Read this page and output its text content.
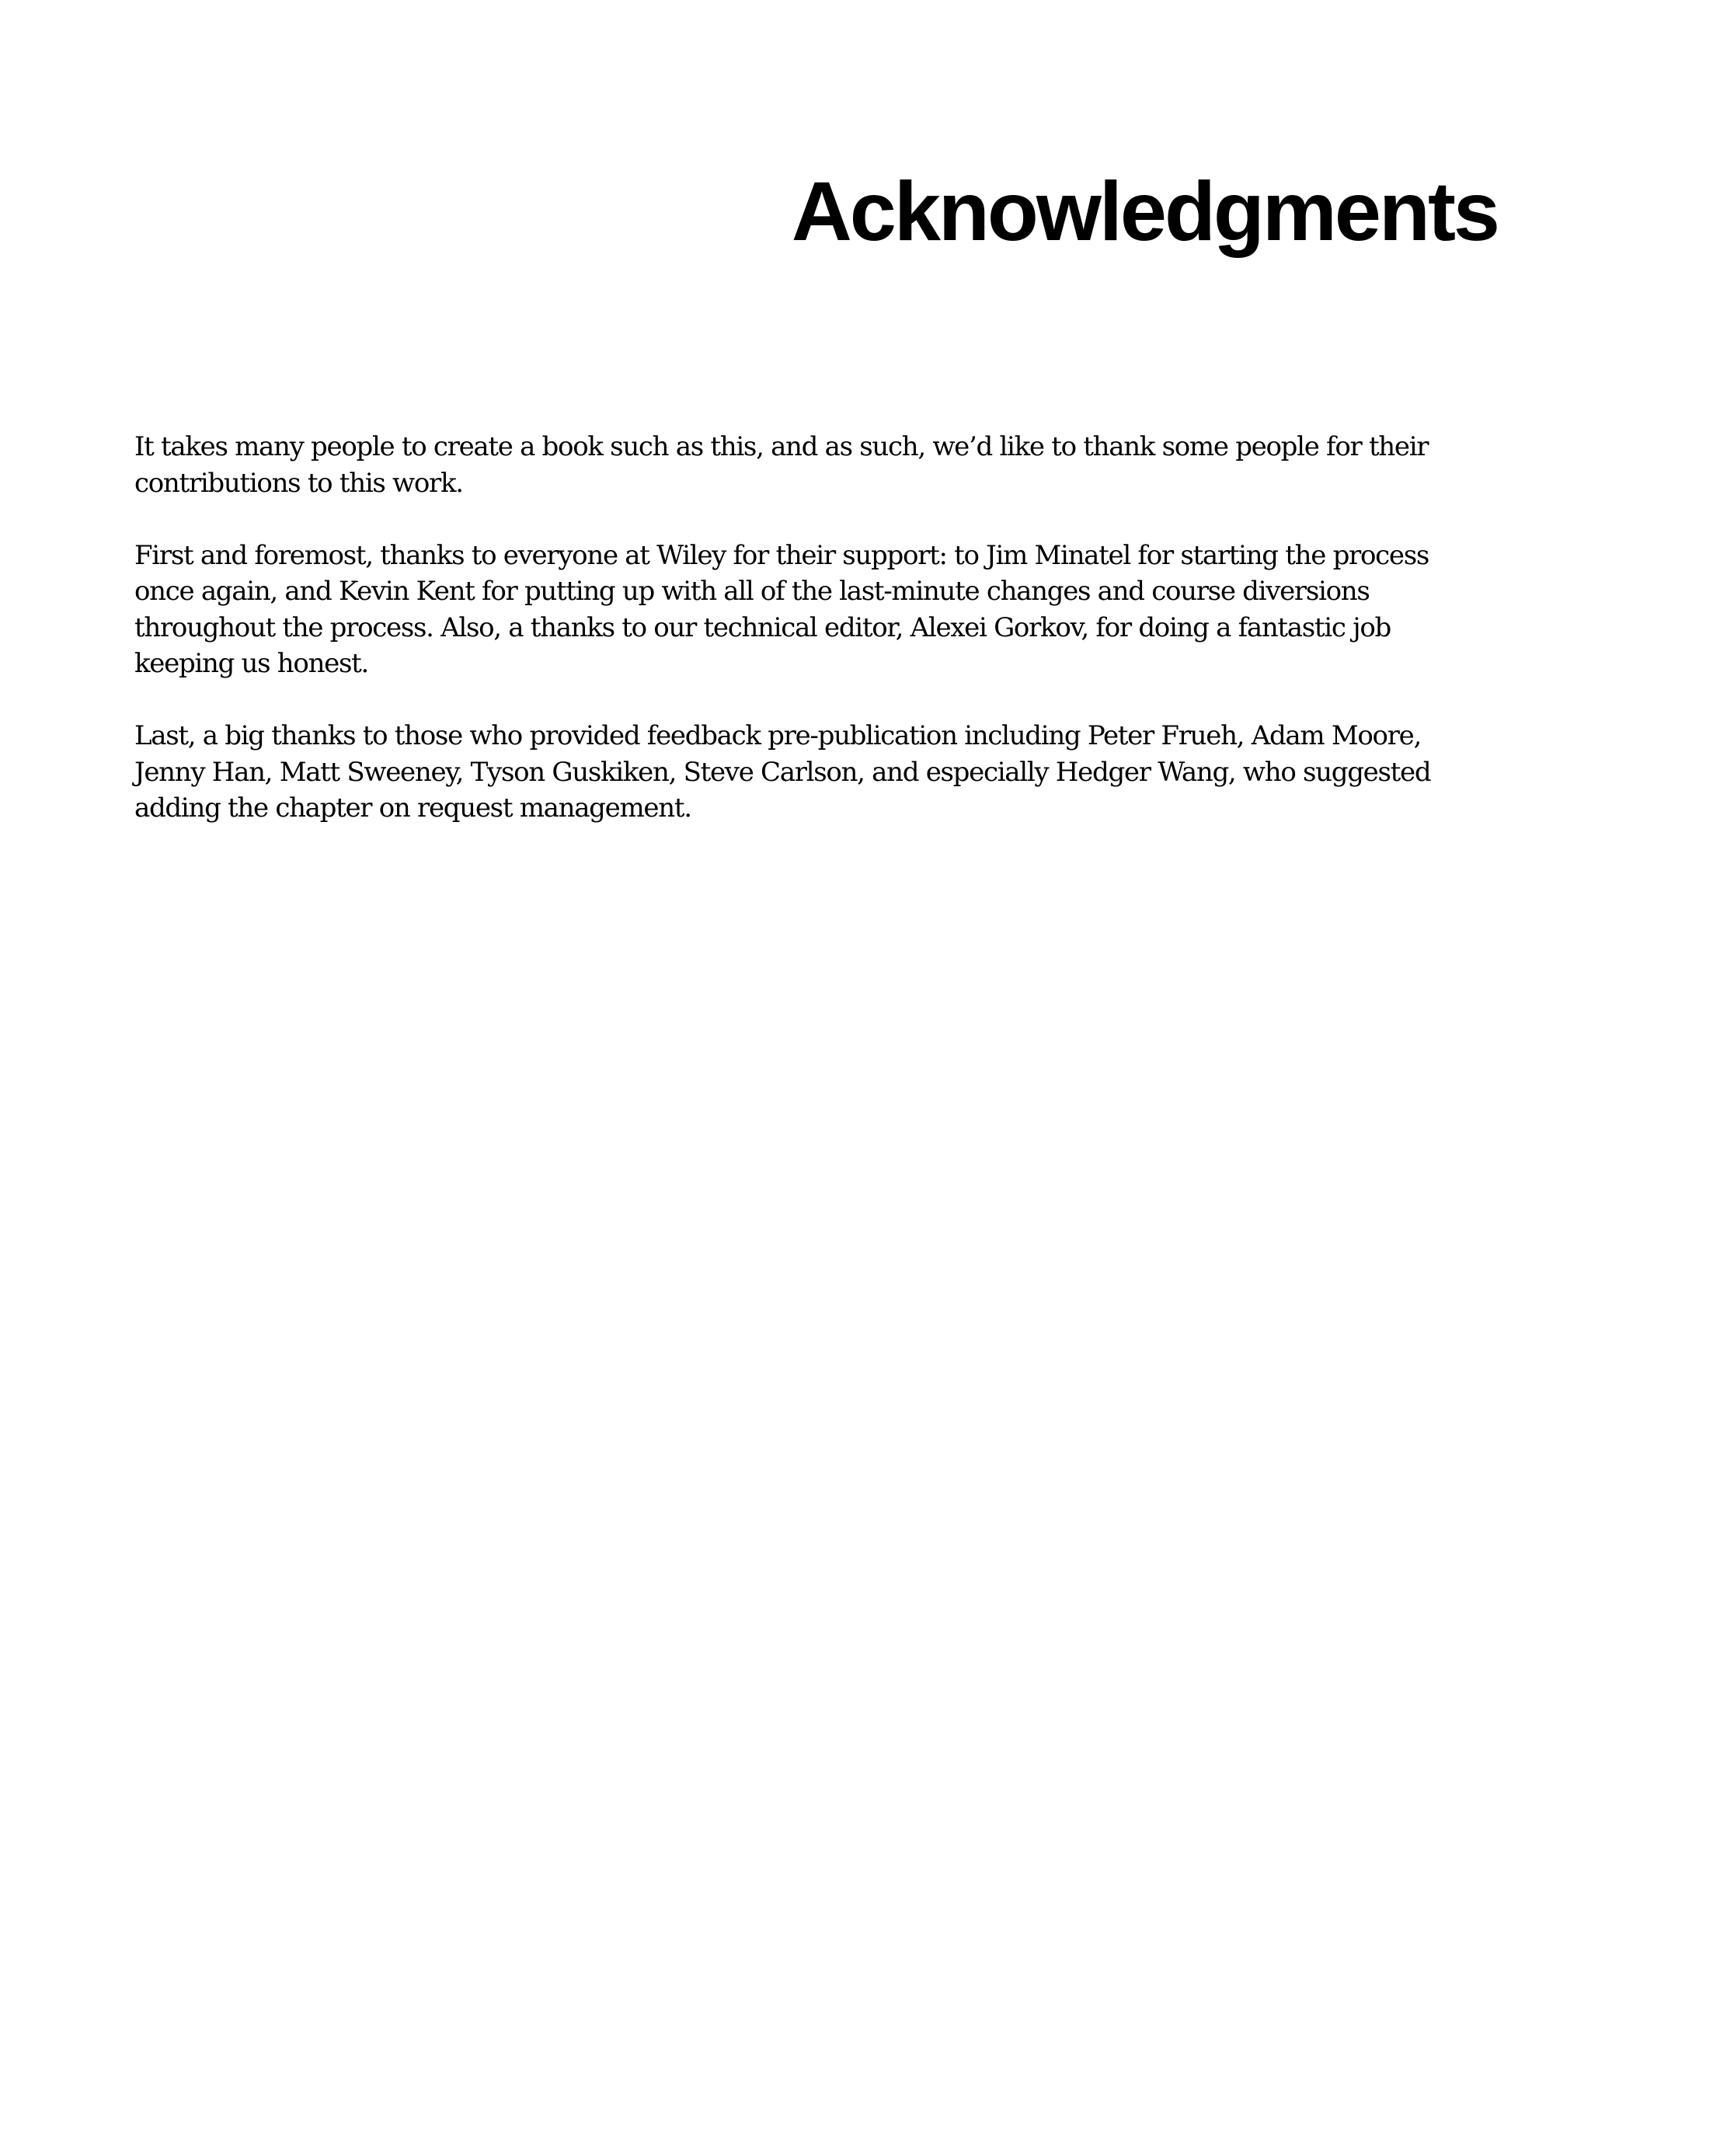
Acknowledgments

It takes many people to create a book such as this, and as such, we’d like to thank some people for their
contributions to this work.

First and foremost, thanks to everyone at Wiley for their support: to Jim Minatel for starting the process
once again, and Kevin Kent for putting up with all of the last-minute changes and course diversions
throughout the process. Also, a thanks to our technical editor, Alexei Gorkov, for doing a fantastic job
keeping us honest.

Last, a big thanks to those who provided feedback pre-publication including Peter Frueh, Adam Moore,
Jenny Han, Matt Sweeney, Tyson Guskiken, Steve Carlson, and especially Hedger Wang, who suggested
adding the chapter on request management.
